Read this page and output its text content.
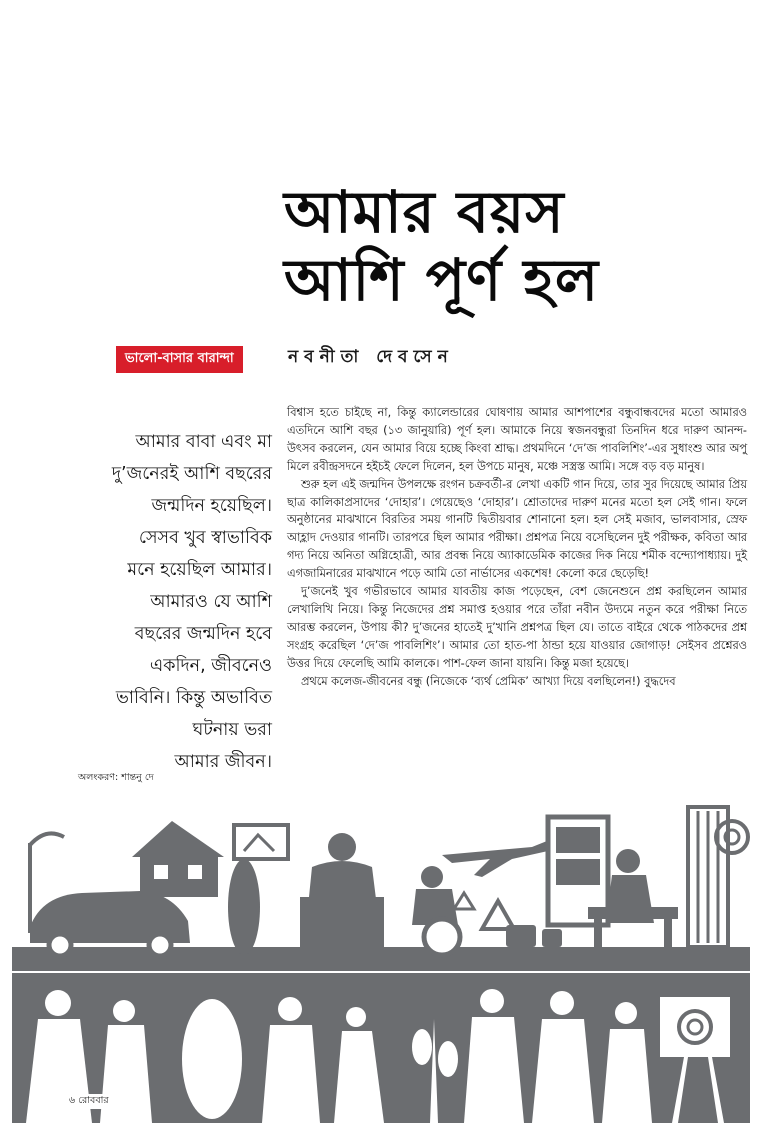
আমার বয়স
আশি পূর্ণ হল
নবনীতা দেবসেন
ভালো-বাসার বারান্দা
আমার বাবা এবং মা
দু’জনেরই আশি বছরের
জন্মদিন হয়েছিল।
সেসব খুব স্বাভাবিক
মনে হয়েছিল আমার।
আমারও যে আশি
বছরের জন্মদিন হবে
একদিন, জীবনেও
ভাবিনি। কিন্তু অভাবিত
ঘটনায় ভরা
আমার জীবন।

বিশ্বাস হতে চাইছে না, কিন্তু ক্যালেন্ডারের ঘোষণায় আমার আশপাশের বন্ধুবান্ধবদের মতো আমারও এতদিনে আশি বছর (১৩ জানুয়ারি) পূর্ণ হল। আমাকে নিয়ে স্বজনবন্ধুরা তিনদিন ধরে দারুণ আনন্দ-উৎসব করলেন, যেন আমার বিয়ে হচ্ছে কিংবা শ্রাদ্ধ। প্রথমদিনে ‘দে’জ পাবলিশিং’-এর সুধাংশু আর অপু মিলে রবীন্দ্রসদনে হইচই ফেলে দিলেন, হল উপচে মানুষ, মঞ্চে সস্ত্রস্ত আমি। সঙ্গে বড় বড় মানুষ।

শুরু হল এই জন্মদিন উপলক্ষে রংগন চক্রবর্তী-র লেখা একটি গান দিয়ে, তার সুর দিয়েছে আমার প্রিয় ছাত্র কালিকাপ্রসাদের ‘দোহার’। গেয়েছেও ‘দোহার’। শ্রোতাদের দারুণ মনের মতো হল সেই গান। ফলে অনুষ্ঠানের মাঝখানে বিরতির সময় গানটি দ্বিতীয়বার শোনানো হল। হল সেই মজাব, ভালবাসার, স্রেফ আহ্লাদ দেওয়ার গানটি। তারপরে ছিল আমার পরীক্ষা। প্রশ্নপত্র নিয়ে বসেছিলেন দুই পরীক্ষক, কবিতা আর গদ্য নিয়ে অনিতা অগ্নিহোত্রী, আর প্রবন্ধ নিয়ে অ্যাকাডেমিক কাজের দিক নিয়ে শমীক বন্দ্যোপাধ্যায়। দুই এগজামিনারের মাঝখানে পড়ে আমি তো নার্ভাসের একশেষ! কেলো করে ছেড়েছি!

দু’জনেই খুব গভীরভাবে আমার যাবতীয় কাজ পড়েছেন, বেশ জেনেশুনে প্রশ্ন করছিলেন আমার লেখালিখি নিয়ে। কিন্তু নিজেদের প্রশ্ন সমাপ্ত হওয়ার পরে তাঁরা নবীন উদ্যমে নতুন করে পরীক্ষা নিতে আরম্ভ করলেন, উপায় কী? দু’জনের হাতেই দু’খানি প্রশ্নপত্র ছিল যে। তাতে বাইরে থেকে পাঠকদের প্রশ্ন সংগ্রহ করেছিল ‘দে’জ পাবলিশিং’। আমার তো হাত-পা ঠান্ডা হয়ে যাওয়ার জোগাড়! সেইসব প্রশ্নেরও উত্তর দিয়ে ফেলেছি আমি কালকে। পাশ-ফেল জানা যায়নি। কিন্তু মজা হয়েছে।

প্রথমে কলেজ-জীবনের বন্ধু (নিজেকে ‘ব্যর্থ প্রেমিক’ আখ্যা দিয়ে বলছিলেন!) বুদ্ধদেব

অলংকরণ: শান্তনু দে
৬ রোববার
